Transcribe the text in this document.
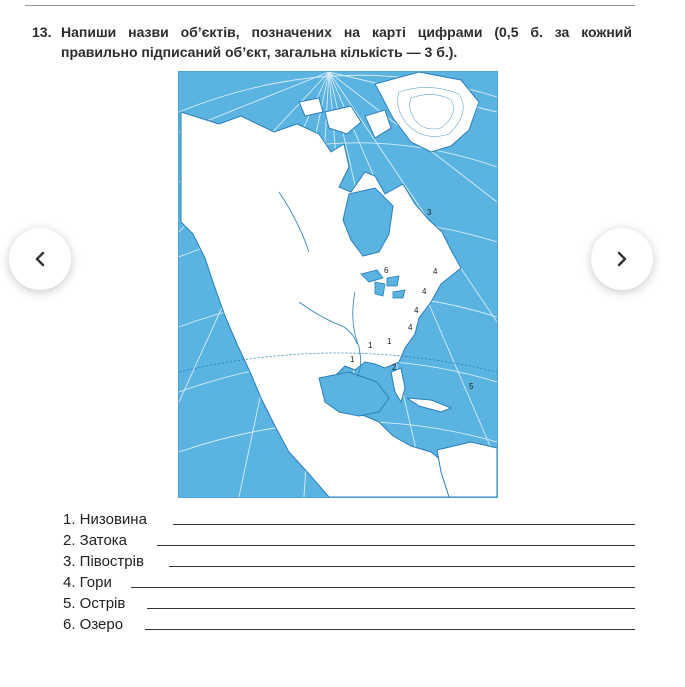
13. Напиши назви об’єктів, позначених на карті цифрами (0,5 б. за кожний правильно підписаний об’єкт, загальна кількість — 3 б.).
1
1 1
2
3
4
4
4
4
5
6
1. Низовина
2. Затока
3. Півострів
4. Гори
5. Острів
6. Озеро
